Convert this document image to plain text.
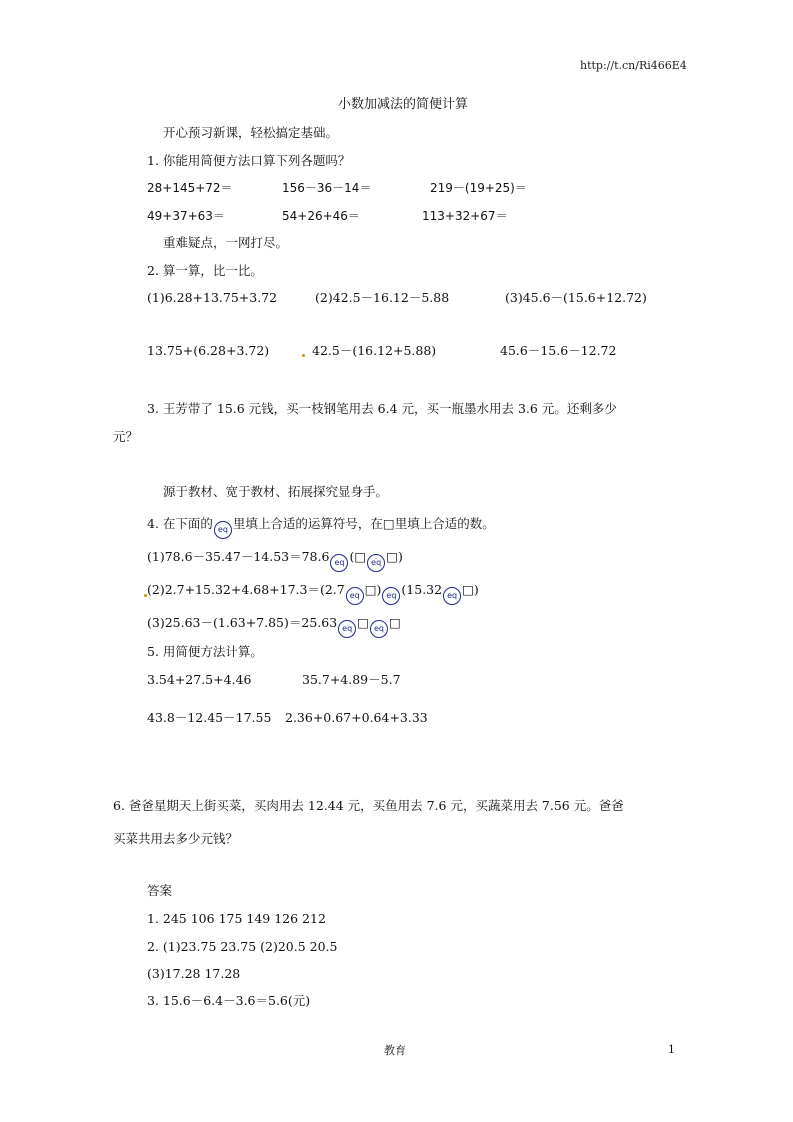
http://t.cn/Ri466E4
小数加减法的简便计算
开心预习新课，轻松搞定基础。
1. 你能用简便方法口算下列各题吗？
28+145+72＝	156－36－14＝	219－(19+25)＝
49+37+63＝	54+26+46＝	113+32+67＝
重难疑点，一网打尽。
2. 算一算，比一比。
(1)6.28+13.75+3.72	(2)42.5－16.12－5.88	(3)45.6－(15.6+12.72)
13.75+(6.28+3.72)	42.5－(16.12+5.88)	45.6－15.6－12.72
3. 王芳带了 15.6 元钱，买一枝钢笔用去 6.4 元，买一瓶墨水用去 3.6 元。还剩多少
元？
源于教材、宽于教材、拓展探究显身手。
4. 在下面的 eq 里填上合适的运算符号，在□里填上合适的数。
(1)78.6－35.47－14.53＝78.6 eq (□ eq □)
(2)2.7+15.32+4.68+17.3＝(2.7 eq □) eq (15.32 eq □)
(3)25.63－(1.63+7.85)＝25.63 eq □ eq □
5. 用简便方法计算。
3.54+27.5+4.46	35.7+4.89－5.7
43.8－12.45－17.55 2.36+0.67+0.64+3.33
6. 爸爸星期天上街买菜，买肉用去 12.44 元，买鱼用去 7.6 元，买蔬菜用去 7.56 元。爸爸
买菜共用去多少元钱？
答案
1. 245 106 175 149 126 212
2. (1)23.75 23.75 (2)20.5 20.5
(3)17.28 17.28
3. 15.6－6.4－3.6＝5.6(元)
教育	1
